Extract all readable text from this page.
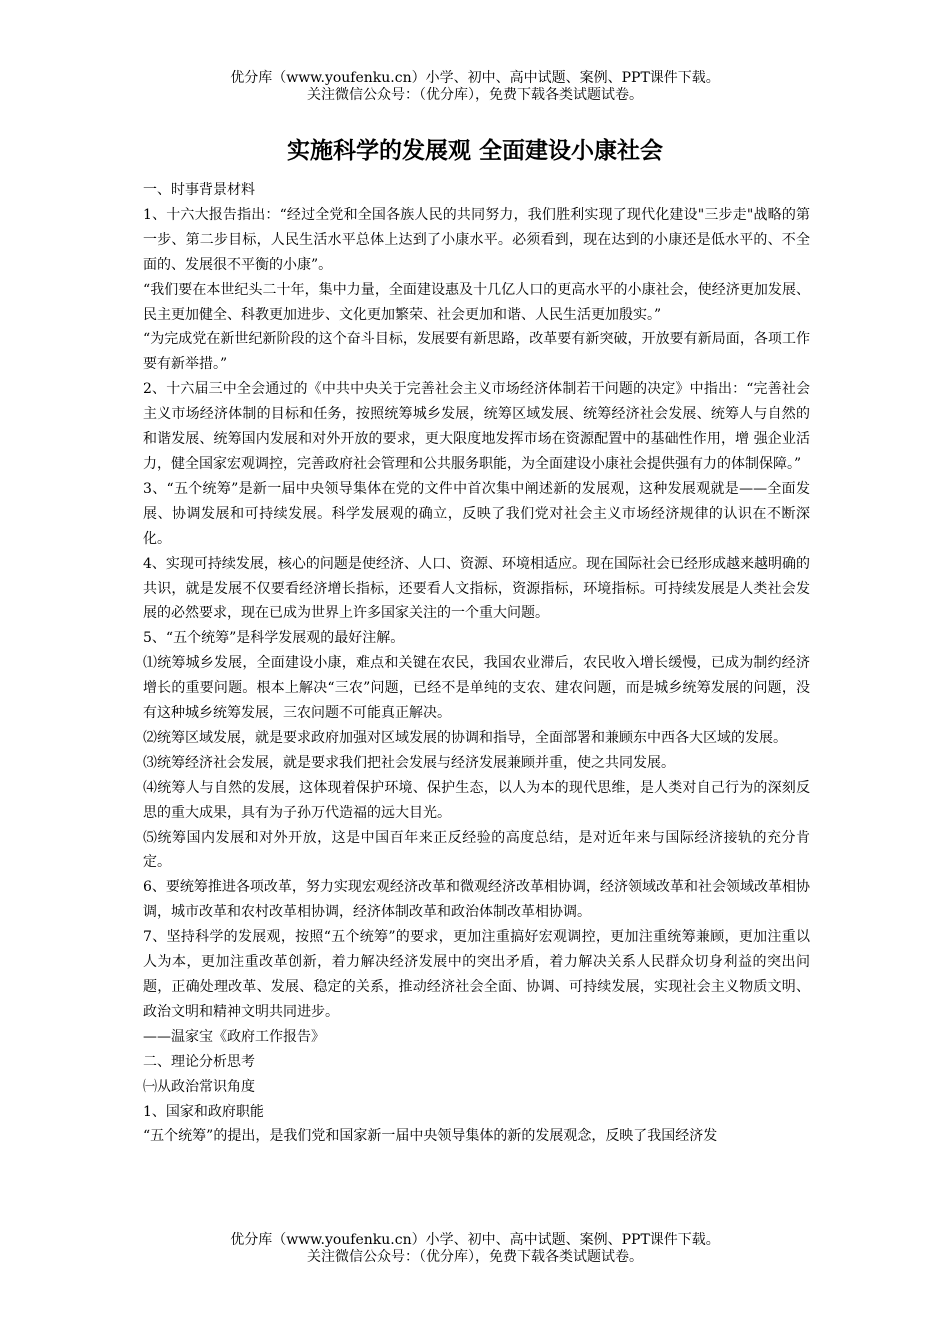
优分库（www.youfenku.cn）小学、初中、高中试题、案例、PPT课件下载。
关注微信公众号：（优分库），免费下载各类试题试卷。
实施科学的发展观 全面建设小康社会

一、时事背景材料

1、十六大报告指出：“经过全党和全国各族人民的共同努力，我们胜利实现了现代化建设"三步走"战略的第一步、第二步目标，人民生活水平总体上达到了小康水平。必须看到，现在达到的小康还是低水平的、不全面的、发展很不平衡的小康”。

“我们要在本世纪头二十年，集中力量，全面建设惠及十几亿人口的更高水平的小康社会，使经济更加发展、民主更加健全、科教更加进步、文化更加繁荣、社会更加和谐、人民生活更加殷实。”

“为完成党在新世纪新阶段的这个奋斗目标，发展要有新思路，改革要有新突破，开放要有新局面，各项工作要有新举措。”

2、十六届三中全会通过的《中共中央关于完善社会主义市场经济体制若干问题的决定》中指出：“完善社会主义市场经济体制的目标和任务，按照统筹城乡发展，统筹区域发展、统筹经济社会发展、统筹人与自然的和谐发展、统筹国内发展和对外开放的要求，更大限度地发挥市场在资源配置中的基础性作用，增 强企业活力，健全国家宏观调控，完善政府社会管理和公共服务职能，为全面建设小康社会提供强有力的体制保障。”

3、“五个统筹”是新一届中央领导集体在党的文件中首次集中阐述新的发展观，这种发展观就是——全面发展、协调发展和可持续发展。科学发展观的确立，反映了我们党对社会主义市场经济规律的认识在不断深化。

4、实现可持续发展，核心的问题是使经济、人口、资源、环境相适应。现在国际社会已经形成越来越明确的共识，就是发展不仅要看经济增长指标，还要看人文指标，资源指标，环境指标。可持续发展是人类社会发展的必然要求，现在已成为世界上许多国家关注的一个重大问题。

5、“五个统筹”是科学发展观的最好注解。

⑴统筹城乡发展，全面建设小康，难点和关键在农民，我国农业滞后，农民收入增长缓慢，已成为制约经济增长的重要问题。根本上解决“三农”问题，已经不是单纯的支农、建农问题，而是城乡统筹发展的问题，没有这种城乡统筹发展，三农问题不可能真正解决。

⑵统筹区域发展，就是要求政府加强对区域发展的协调和指导，全面部署和兼顾东中西各大区域的发展。

⑶统筹经济社会发展，就是要求我们把社会发展与经济发展兼顾并重，使之共同发展。

⑷统筹人与自然的发展，这体现着保护环境、保护生态，以人为本的现代思维，是人类对自己行为的深刻反思的重大成果，具有为子孙万代造福的远大目光。

⑸统筹国内发展和对外开放，这是中国百年来正反经验的高度总结，是对近年来与国际经济接轨的充分肯定。

6、要统筹推进各项改革，努力实现宏观经济改革和微观经济改革相协调，经济领域改革和社会领域改革相协调，城市改革和农村改革相协调，经济体制改革和政治体制改革相协调。

7、坚持科学的发展观，按照“五个统筹”的要求，更加注重搞好宏观调控，更加注重统筹兼顾，更加注重以人为本，更加注重改革创新，着力解决经济发展中的突出矛盾，着力解决关系人民群众切身利益的突出问题，正确处理改革、发展、稳定的关系，推动经济社会全面、协调、可持续发展，实现社会主义物质文明、政治文明和精神文明共同进步。

——温家宝《政府工作报告》

二、理论分析思考

㈠从政治常识角度

1、国家和政府职能

“五个统筹”的提出，是我们党和国家新一届中央领导集体的新的发展观念，反映了我国经济发

优分库（www.youfenku.cn）小学、初中、高中试题、案例、PPT课件下载。
关注微信公众号：（优分库），免费下载各类试题试卷。
